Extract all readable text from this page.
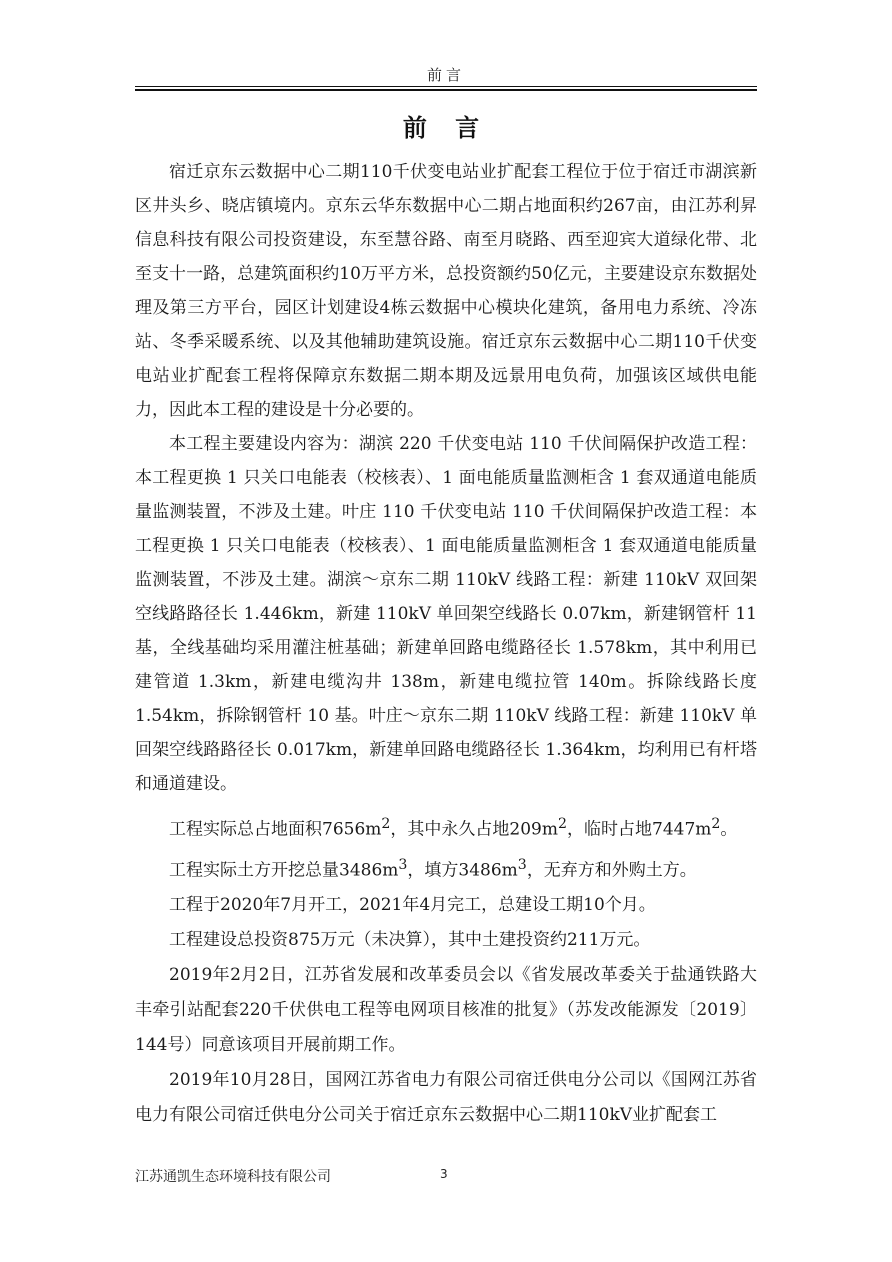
前言
前 言

宿迁京东云数据中心二期110千伏变电站业扩配套工程位于位于宿迁市湖滨新区井头乡、晓店镇境内。京东云华东数据中心二期占地面积约267亩，由江苏利昇信息科技有限公司投资建设，东至慧谷路、南至月晓路、西至迎宾大道绿化带、北至支十一路，总建筑面积约10万平方米，总投资额约50亿元，主要建设京东数据处理及第三方平台，园区计划建设4栋云数据中心模块化建筑，备用电力系统、冷冻站、冬季采暖系统、以及其他辅助建筑设施。宿迁京东云数据中心二期110千伏变电站业扩配套工程将保障京东数据二期本期及远景用电负荷，加强该区域供电能力，因此本工程的建设是十分必要的。

本工程主要建设内容为：湖滨 220 千伏变电站 110 千伏间隔保护改造工程：本工程更换 1 只关口电能表（校核表）、1 面电能质量监测柜含 1 套双通道电能质量监测装置，不涉及土建。叶庄 110 千伏变电站 110 千伏间隔保护改造工程：本工程更换 1 只关口电能表（校核表）、1 面电能质量监测柜含 1 套双通道电能质量监测装置，不涉及土建。湖滨～京东二期 110kV 线路工程：新建 110kV 双回架空线路路径长 1.446km，新建 110kV 单回架空线路长 0.07km，新建钢管杆 11 基，全线基础均采用灌注桩基础；新建单回路电缆路径长 1.578km，其中利用已建管道 1.3km，新建电缆沟井 138m，新建电缆拉管 140m。拆除线路长度 1.54km，拆除钢管杆 10 基。叶庄～京东二期 110kV 线路工程：新建 110kV 单回架空线路路径长 0.017km，新建单回路电缆路径长 1.364km，均利用已有杆塔和通道建设。

工程实际总占地面积$7656m^2$，其中永久占地$209m^2$，临时占地$7447m^2$。

工程实际土方开挖总量$3486m^3$，填方$3486m^3$，无弃方和外购土方。

工程于2020年7月开工，2021年4月完工，总建设工期10个月。

工程建设总投资875万元（未决算），其中土建投资约211万元。

2019年2月2日，江苏省发展和改革委员会以《省发展改革委关于盐通铁路大丰牵引站配套220千伏供电工程等电网项目核准的批复》（苏发改能源发〔2019〕144号）同意该项目开展前期工作。

2019年10月28日，国网江苏省电力有限公司宿迁供电分公司以《国网江苏省电力有限公司宿迁供电分公司关于宿迁京东云数据中心二期110kV业扩配套工

江苏通凯生态环境科技有限公司	3
